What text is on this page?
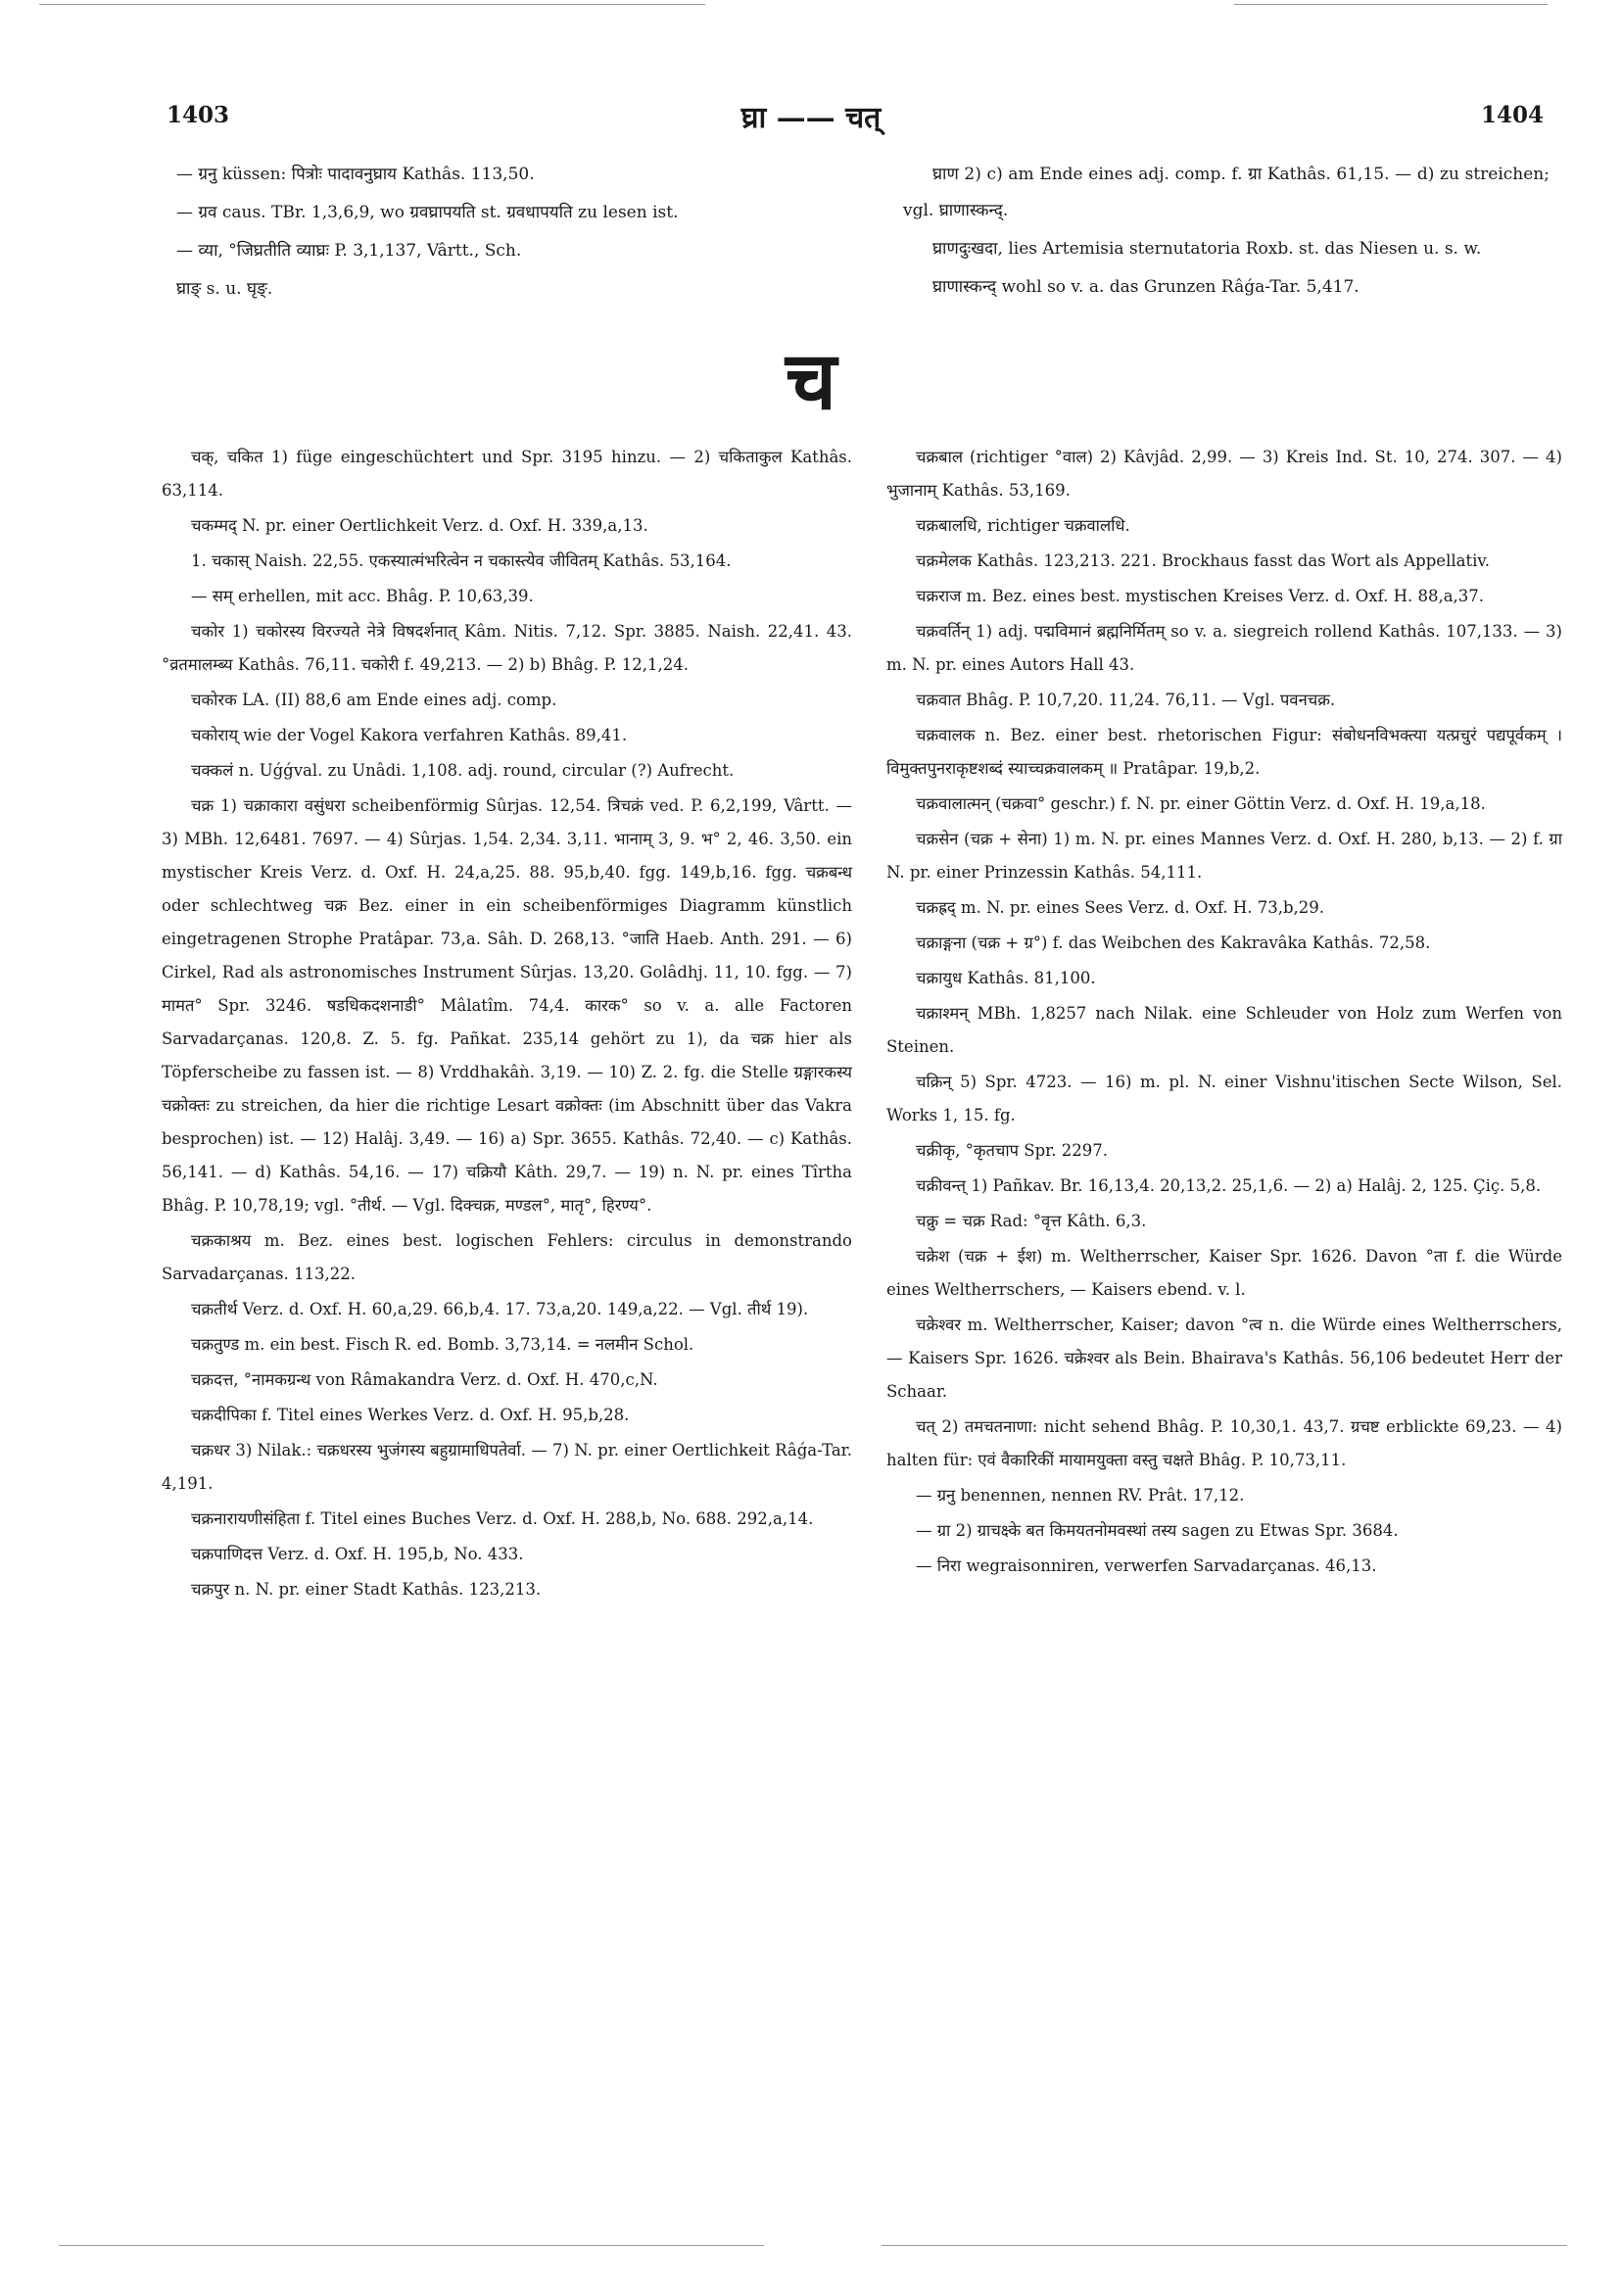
1403	घ्रा —— चत्	1404

— ग्रनु küssen: पित्रोः पादावनुघ्राय Kathâs. 113,50.

— ग्रव caus. TBr. 1,3,6,9, wo ग्रवघ्रापयति st. ग्रवधापयति zu lesen ist.

— व्या, °जिघ्रतीति व्याघ्रः P. 3,1,137, Vârtt., Sch.

घ्राङ् s. u. घृङ्.

घ्राण 2) c) am Ende eines adj. comp. f. ग्रा Kathâs. 61,15. — d) zu streichen; vgl. घ्राणास्कन्द्.

घ्राणदुःखदा, lies Artemisia sternutatoria Roxb. st. das Niesen u. s. w.

घ्राणास्कन्द् wohl so v. a. das Grunzen Râǵa-Tar. 5,417.

च

चक्, चकित 1) füge eingeschüchtert und Spr. 3195 hinzu. — 2) चकिताकुल Kathâs. 63,114.

चकम्मद् N. pr. einer Oertlichkeit Verz. d. Oxf. H. 339,a,13.

1. चकास् Naish. 22,55. एकस्यात्मंभरित्वेन न चकास्त्येव जीवितम् Kathâs. 53,164.

— सम् erhellen, mit acc. Bhâg. P. 10,63,39.

चकोर 1) चकोरस्य विरज्यते नेत्रे विषदर्शनात् Kâm. Nitis. 7,12. Spr. 3885. Naish. 22,41. 43. °व्रतमालम्ब्य Kathâs. 76,11. चकोरी f. 49,213. — 2) b) Bhâg. P. 12,1,24.

चकोरक LA. (II) 88,6 am Ende eines adj. comp.

चकोराय् wie der Vogel Kakora verfahren Kathâs. 89,41.

चक्कलं n. Uǵǵval. zu Unâdi. 1,108. adj. round, circular (?) Aufrecht.

चक्र 1) चक्राकारा वसुंधरा scheibenförmig Sûrjas. 12,54. त्रिचक्रं ved. P. 6,2,199, Vârtt. — 3) MBh. 12,6481. 7697. — 4) Sûrjas. 1,54. 2,34. 3,11. भानाम् 3, 9. भ° 2, 46. 3,50. ein mystischer Kreis Verz. d. Oxf. H. 24,a,25. 88. 95,b,40. fgg. 149,b,16. fgg. चक्रबन्ध oder schlechtweg चक्र Bez. einer in ein scheibenförmiges Diagramm künstlich eingetragenen Strophe Pratâpar. 73,a. Sâh. D. 268,13. °जाति Haeb. Anth. 291. — 6) Cirkel, Rad als astronomisches Instrument Sûrjas. 13,20. Golâdhj. 11, 10. fgg. — 7) मामत° Spr. 3246. षडधिकदशनाडी° Mâlatîm. 74,4. कारक° so v. a. alle Factoren Sarvadarçanas. 120,8. Z. 5. fg. Pañkat. 235,14 gehört zu 1), da चक्र hier als Töpferscheibe zu fassen ist. — 8) Vrddhakâǹ. 3,19. — 10) Z. 2. fg. die Stelle ग्रङ्गारकस्य चक्रोक्तः zu streichen, da hier die richtige Lesart वक्रोक्तः (im Abschnitt über das Vakra besprochen) ist. — 12) Halâj. 3,49. — 16) a) Spr. 3655. Kathâs. 72,40. — c) Kathâs. 56,141. — d) Kathâs. 54,16. — 17) चक्रियौ Kâth. 29,7. — 19) n. N. pr. eines Tîrtha Bhâg. P. 10,78,19; vgl. °तीर्थ. — Vgl. दिक्चक्र, मण्डल°, मातृ°, हिरण्य°.

चक्रकाश्रय m. Bez. eines best. logischen Fehlers: circulus in demonstrando Sarvadarçanas. 113,22.

चक्रतीर्थ Verz. d. Oxf. H. 60,a,29. 66,b,4. 17. 73,a,20. 149,a,22. — Vgl. तीर्थ 19).

चक्रतुण्ड m. ein best. Fisch R. ed. Bomb. 3,73,14. = नलमीन Schol.

चक्रदत्त, °नामकग्रन्थ von Râmakandra Verz. d. Oxf. H. 470,c,N.

चक्रदीपिका f. Titel eines Werkes Verz. d. Oxf. H. 95,b,28.

चक्रधर 3) Nilak.: चक्रधरस्य भुजंगस्य बहुग्रामाधिपतेर्वा. — 7) N. pr. einer Oertlichkeit Râǵa-Tar. 4,191.

चक्रनारायणीसंहिता f. Titel eines Buches Verz. d. Oxf. H. 288,b, No. 688. 292,a,14.

चक्रपाणिदत्त Verz. d. Oxf. H. 195,b, No. 433.

चक्रपुर n. N. pr. einer Stadt Kathâs. 123,213.

चक्रबाल (richtiger °वाल) 2) Kâvjâd. 2,99. — 3) Kreis Ind. St. 10, 274. 307. — 4) भुजानाम् Kathâs. 53,169.

चक्रबालधि, richtiger चक्रवालधि.

चक्रमेलक Kathâs. 123,213. 221. Brockhaus fasst das Wort als Appellativ.

चक्रराज m. Bez. eines best. mystischen Kreises Verz. d. Oxf. H. 88,a,37.

चक्रवर्तिन् 1) adj. पद्मविमानं ब्रह्मनिर्मितम् so v. a. siegreich rollend Kathâs. 107,133. — 3) m. N. pr. eines Autors Hall 43.

चक्रवात Bhâg. P. 10,7,20. 11,24. 76,11. — Vgl. पवनचक्र.

चक्रवालक n. Bez. einer best. rhetorischen Figur: संबोधनविभक्त्या यत्प्रचुरं पद्यपूर्वकम् । विमुक्तपुनराकृष्टशब्दं स्याच्चक्रवालकम् ॥ Pratâpar. 19,b,2.

चक्रवालात्मन् (चक्रवा° geschr.) f. N. pr. einer Göttin Verz. d. Oxf. H. 19,a,18.

चक्रसेन (चक्र + सेना) 1) m. N. pr. eines Mannes Verz. d. Oxf. H. 280, b,13. — 2) f. ग्रा N. pr. einer Prinzessin Kathâs. 54,111.

चक्रह्रद् m. N. pr. eines Sees Verz. d. Oxf. H. 73,b,29.

चक्राङ्गना (चक्र + ग्र°) f. das Weibchen des Kakravâka Kathâs. 72,58.

चक्रायुध Kathâs. 81,100.

चक्राश्मन् MBh. 1,8257 nach Nilak. eine Schleuder von Holz zum Werfen von Steinen.

चक्रिन् 5) Spr. 4723. — 16) m. pl. N. einer Vishnu'itischen Secte Wilson, Sel. Works 1, 15. fg.

चक्रीकृ, °कृतचाप Spr. 2297.

चक्रीवन्त् 1) Pañkav. Br. 16,13,4. 20,13,2. 25,1,6. — 2) a) Halâj. 2, 125. Çiç. 5,8.

चक्रु = चक्र Rad: °वृत्त Kâth. 6,3.

चक्रेश (चक्र + ईश) m. Weltherrscher, Kaiser Spr. 1626. Davon °ता f. die Würde eines Weltherrschers, — Kaisers ebend. v. l.

चक्रेश्वर m. Weltherrscher, Kaiser; davon °त्व n. die Würde eines Weltherrschers, — Kaisers Spr. 1626. चक्रेश्वर als Bein. Bhairava's Kathâs. 56,106 bedeutet Herr der Schaar.

चत् 2) तमचतनाणा: nicht sehend Bhâg. P. 10,30,1. 43,7. ग्रचष्ट erblickte 69,23. — 4) halten für: एवं वैकारिकीं मायामयुक्ता वस्तु चक्षते Bhâg. P. 10,73,11.

— ग्रनु benennen, nennen RV. Prât. 17,12.

— ग्रा 2) ग्राचक्ष्के बत किमयतनोमवस्थां तस्य sagen zu Etwas Spr. 3684.

— निरा wegraisonniren, verwerfen Sarvadarçanas. 46,13.
